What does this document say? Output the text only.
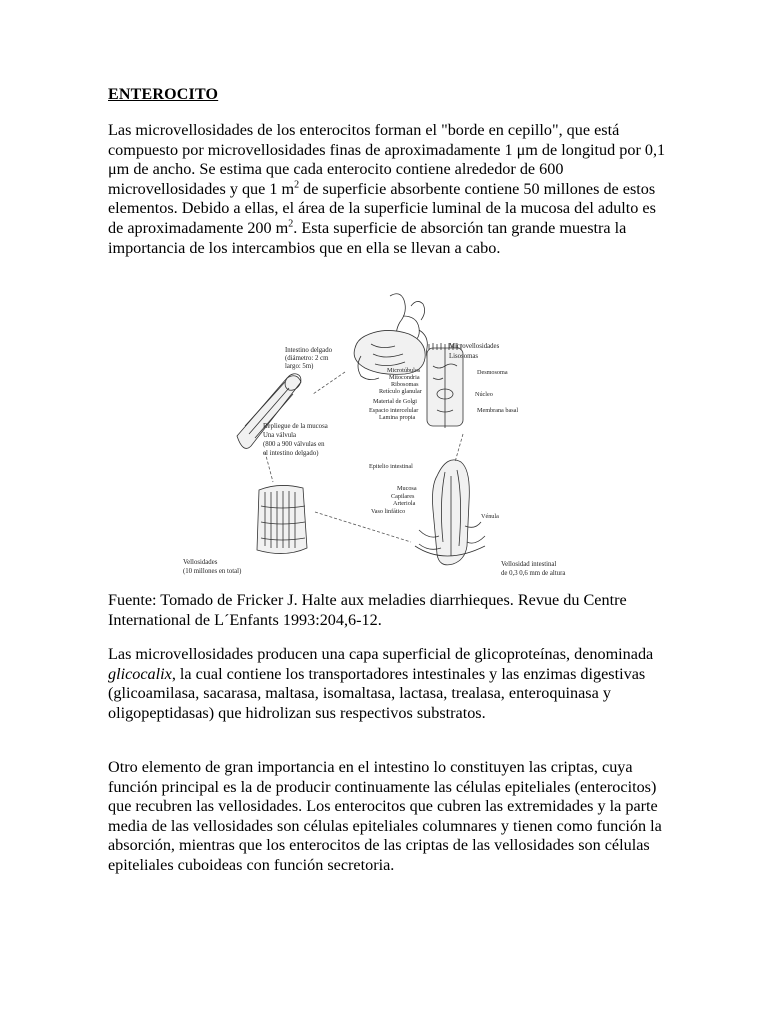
ENTEROCITO
Las microvellosidades de los enterocitos forman el "borde en cepillo", que está compuesto por microvellosidades finas de aproximadamente 1 μm de longitud por 0,1 μm de ancho. Se estima que cada enterocito contiene alrededor de 600 microvellosidades y que 1 $m^2$ de superficie absorbente contiene 50 millones de estos elementos. Debido a ellas, el área de la superficie luminal de la mucosa del adulto es de aproximadamente 200 $m^2$. Esta superficie de absorción tan grande muestra la importancia de los intercambios que en ella se llevan a cabo.
Intestino delgado
(diámetro: 2 cm
largo: 5m)
Repliegue de la mucosa
Una válvula
(800 a 900 válvulas en
el intestino delgado)
Vellosidades
(10 millones en total)
Microvellosidades
Lisosomas
Microtúbulos
Mitocondria
Ribosomas
Retículo glanular
Material de Golgi
Espacio intercelular
Lamina propia
Desmosoma
Núcleo
Membrana basal
Epitelio intestinal
Mucosa
Capilares
Arteriola
Vaso linfático
Vénula
Vellosidad intestinal
de 0,3 0,6 mm de altura
Fuente: Tomado de Fricker J. Halte aux meladies diarrhieques. Revue du Centre International de L´Enfants 1993:204,6-12.
Las microvellosidades producen una capa superficial de glicoproteínas, denominada glicocalix, la cual contiene los transportadores intestinales y las enzimas digestivas (glicoamilasa, sacarasa, maltasa, isomaltasa, lactasa, trealasa, enteroquinasa y oligopeptidasas) que hidrolizan sus respectivos substratos.
Otro elemento de gran importancia en el intestino lo constituyen las criptas, cuya función principal es la de producir continuamente las células epiteliales (enterocitos) que recubren las vellosidades. Los enterocitos que cubren las extremidades y la parte media de las vellosidades son células epiteliales columnares y tienen como función la absorción, mientras que los enterocitos de las criptas de las vellosidades son células epiteliales cuboideas con función secretoria.
